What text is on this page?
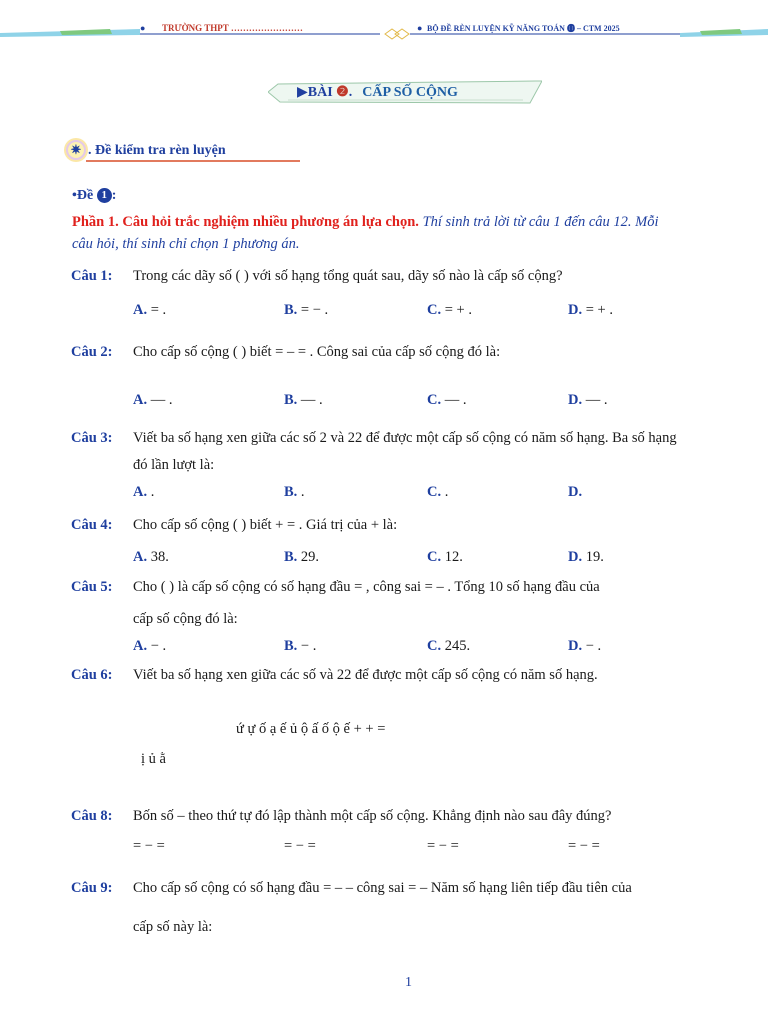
● TRƯỜNG THPT ……………………	● BỘ ĐỀ RÈN LUYỆN KỸ NĂNG TOÁN ⓫ – CTM 2025
▶BÀI ❷. CẤP SỐ CỘNG
✷ . Đề kiểm tra rèn luyện
•Đề 1 :
Phần 1. Câu hỏi trắc nghiệm nhiều phương án lựa chọn. Thí sinh trả lời từ câu 1 đến câu 12. Mỗi
câu hỏi, thí sinh chỉ chọn 1 phương án.
Câu 1: Trong các dãy số ( ) với số hạng tổng quát sau, dãy số nào là cấp số cộng?
A. = .	B. = − .	C. = + .	D. = + .
Câu 2: Cho cấp số cộng ( ) biết = – = . Công sai của cấp số cộng đó là:
A. — .	B. — .	C. — .	D. — .
Câu 3: Viết ba số hạng xen giữa các số 2 và 22 để được một cấp số cộng có năm số hạng. Ba số hạng
đó lần lượt là:
A. .	B. .	C. .	D.
Câu 4: Cho cấp số cộng ( ) biết + = . Giá trị của + là:
A. 38.	B. 29.	C. 12.	D. 19.
Câu 5: Cho ( ) là cấp số cộng có số hạng đầu = , công sai = – . Tổng 10 số hạng đầu của
cấp số cộng đó là:
A. − .	B. − .	C. 245.	D. − .
Câu 6: Viết ba số hạng xen giữa các số và 22 để được một cấp số cộng có năm số hạng.
ứ ự ố ạ ế ủ ộ ấ ố ộ ế + + =
ị ủ ằ
Câu 8: Bốn số – theo thứ tự đó lập thành một cấp số cộng. Khẳng định nào sau đây đúng?
= − =	= − =	= − =	= − =
Câu 9: Cho cấp số cộng có số hạng đầu = – – công sai = – Năm số hạng liên tiếp đầu tiên của
cấp số này là:
1
